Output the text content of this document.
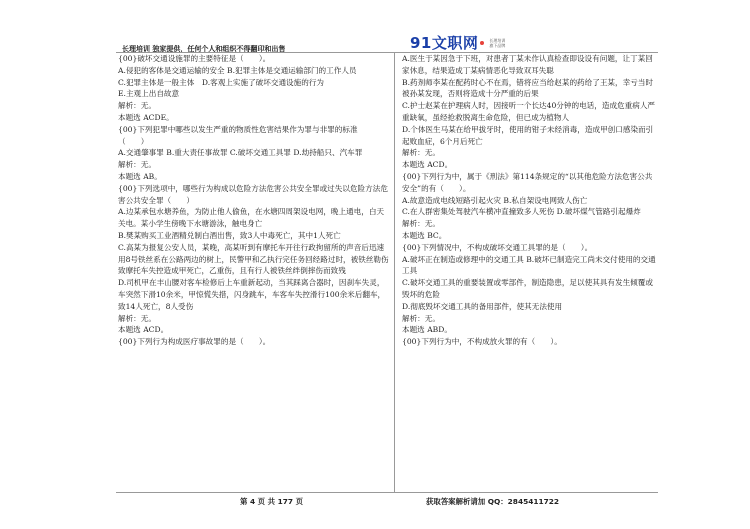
长理培训 独家提供，任何个人和组织不得翻印和出售	91文职网	长理培训
旗下品牌

{00}破坏交通设施罪的主要特征是（　　）。

A.侵犯的客体是交通运输的安全 B.犯罪主体是交通运输部门的工作人员

C.犯罪主体是一般主体　D.客观上实施了破坏交通设施的行为

E.主观上出自故意

解析：无。

本题选 ACDE。

{00}下列犯罪中哪些以发生严重的物质性危害结果作为罪与非罪的标准

（　　）

A.交通肇事罪 B.重大责任事故罪 C.破坏交通工具罪 D.劫持船只、汽车罪

解析：无。

本题选 AB。

{00}下列选项中，哪些行为构成以危险方法危害公共安全罪或过失以危险方法危害公共安全罪（　　）

A.边某承包水塘养鱼，为防止他人偷鱼，在水塘四周架设电网，晚上通电，白天关电。某小学生傍晚下水塘游泳，触电身亡

B.樊某购买工业酒精兑制白酒出售，致3人中毒死亡，其中1人死亡

C.高某为报复公安人员，某晚，高某听到有摩托车开往行政拘留所的声音后迅速用8号铁丝系在公路两边的树上，民警甲和乙执行完任务回经路过时，被铁丝勒伤致摩托车失控造成甲死亡，乙重伤，且有行人被铁丝绊倒摔伤而致残

D.司机甲在丰山腰对客车检修后上车重新起动，当其踩离合器时，因刹车失灵，车突然下滑10余米，甲惊慌失措，闪身跳车，车客车失控滑行100余米后翻车，致14人死亡，8人受伤

解析：无。

本题选 ACD。

{00}下列行为构成医疗事故罪的是（　　）。

A.医生于某因急于下班，对患者丁某未作认真检查即设设有问题，让丁某回家休息，结果造成丁某病情恶化导致双耳失聪

B.药剂师李某在配药时心不在焉，错将应当给赵某的药给了王某，幸亏当时被孙某发现，否则将造成十分严重的后果

C.护士赵某在护理病人时，因接听一个长达40分钟的电话，造成危重病人严重缺氧，虽经抢救脱离生命危险，但已成为植物人

D.个体医生马某在给甲拔牙时，使用的钳子未经消毒，造成甲创口感染而引起败血症，6个月后死亡

解析：无。

本题选 ACD。

{00}下列行为中，属于《刑法》第114条规定的“以其他危险方法危害公共安全”的有（　　）。

A.故意造成电线短路引起火灾 B.私自架设电网致人伤亡

C.在人群密集处驾驶汽车横冲直撞致多人死伤 D.破坏煤气管路引起爆炸

解析：无。

本题选 BC。

{00}下列情况中，不构成破坏交通工具罪的是（　　）。

A.破坏正在制造或修理中的交通工具 B.破坏已制造完工尚未交付使用的交通工具

C.破坏交通工具的重要装置或零部件，制造隐患，足以使其具有发生倾覆或毁坏的危险

D.彻底毁坏交通工具的备用部件，使其无法使用

解析：无。

本题选 ABD。

{00}下列行为中，不构成放火罪的有（　　）。

第 4 页 共 177 页	获取答案解析请加 QQ：2845411722
